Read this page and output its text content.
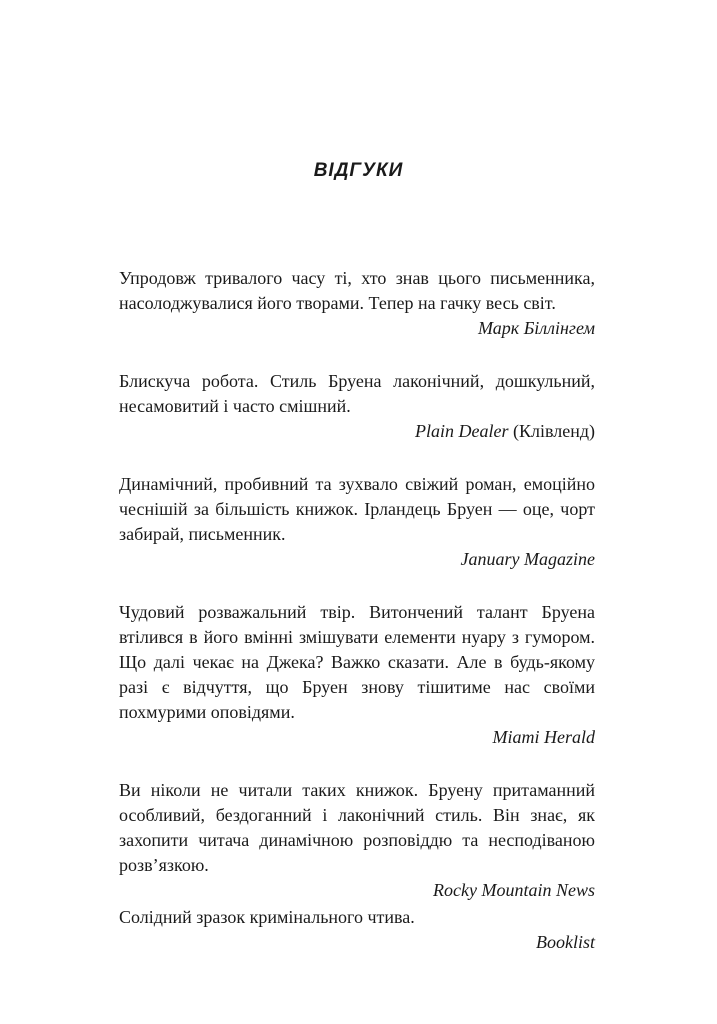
ВІДГУКИ

Упродовж тривалого часу ті, хто знав цього письменника, насолоджувалися його творами. Тепер на гачку весь світ.

Марк Біллінгем

Блискуча робота. Стиль Бруена лаконічний, дошкульний, несамовитий і часто смішний.

Plain Dealer (Клівленд)

Динамічний, пробивний та зухвало свіжий роман, емоційно чеснішій за більшість книжок. Ірландець Бруен — оце, чорт забирай, письменник.

January Magazine

Чудовий розважальний твір. Витончений талант Бруена втілився в його вмінні змішувати елементи нуару з гумором. Що далі чекає на Джека? Важко сказати. Але в будь-якому разі є відчуття, що Бруен знову тішитиме нас своїми похмурими оповідями.

Miami Herald

Ви ніколи не читали таких книжок. Бруену притаманний особливий, бездоганний і лаконічний стиль. Він знає, як захопити читача динамічною розповіддю та несподіваною розв’язкою.

Rocky Mountain News

Солідний зразок кримінального чтива.

Booklist
